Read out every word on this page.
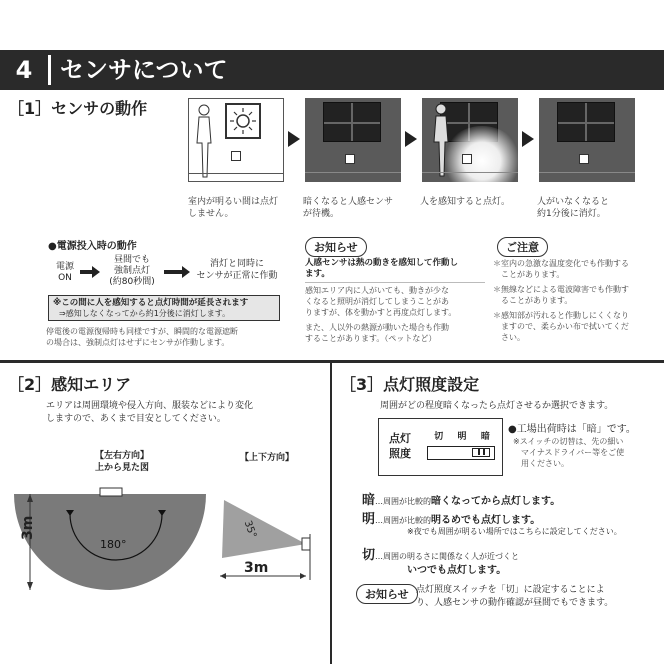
4	センサについて
［1］センサの動作
室内が明るい間は点灯
しません。
暗くなると人感センサ
が待機。
人を感知すると点灯。	人がいなくなると
約1分後に消灯。
●電源投入時の動作
電源
ON
昼間でも
強制点灯
(約80秒間)
消灯と同時に
センサが正常に作動
※この間に人を感知すると点灯時間が延長されます
⇒感知しなくなってから約1分後に消灯します。
停電後の電源復帰時も同様ですが、瞬間的な電源遮断
の場合は、強制点灯はせずにセンサが作動します。
お知らせ
人感センサは熱の動きを感知して作動し
ます。
感知エリア内に人がいても、動きが少な
くなると照明が消灯してしまうことがあ
りますが、体を動かすと再度点灯します。
また、人以外の熱源が動いた場合も作動
することがあります。（ペットなど）
ご注意
＊室内の急激な温度変化でも作動する
　ことがあります。
＊無線などによる電波障害でも作動す
　ることがあります。
＊感知部が汚れると作動しにくくなり
　ますので、柔らかい布で拭いてくだ
　さい。
［2］感知エリア
エリアは周囲環境や侵入方向、服装などにより変化
しますので、あくまで目安としてください。
【左右方向】
上から見た図
【上下方向】
180°
3m	35°
3m
［3］点灯照度設定
周囲がどの程度暗くなったら点灯させるか選択できます。
点灯
照度
切 明 暗
●工場出荷時は「暗」です。
※スイッチの切替は、先の細い
　マイナスドライバー等をご使
　用ください。
暗…周囲が比較的暗くなってから点灯します。
明…周囲が比較的明るめでも点灯します。
※夜でも周囲が明るい場所ではこちらに設定してください。
切…周囲の明るさに関係なく人が近づくと
いつでも点灯します。
お知らせ 点灯照度スイッチを「切」に設定することによ
り、人感センサの動作確認が昼間でもできます。
